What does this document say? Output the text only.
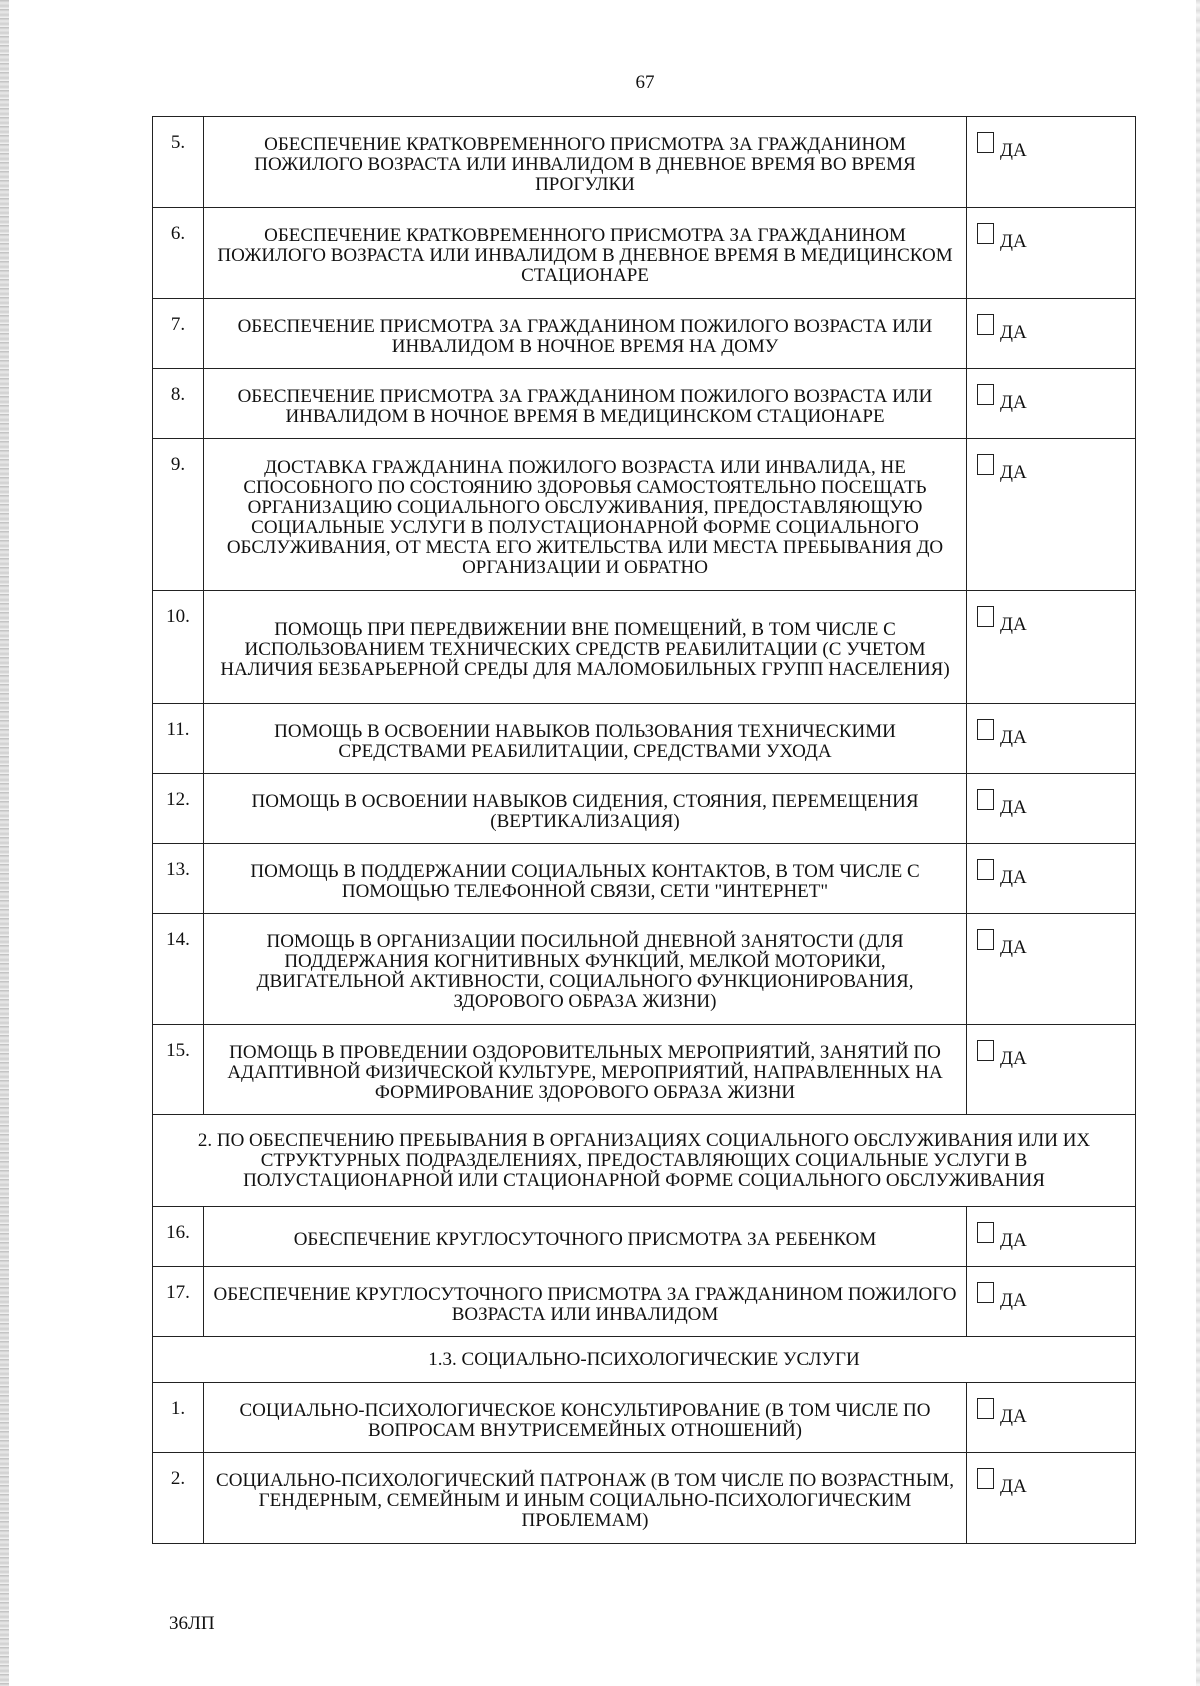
67
5.	ОБЕСПЕЧЕНИЕ КРАТКОВРЕМЕННОГО ПРИСМОТРА ЗА ГРАЖДАНИНОМ ПОЖИЛОГО ВОЗРАСТА ИЛИ ИНВАЛИДОМ В ДНЕВНОЕ ВРЕМЯ ВО ВРЕМЯ ПРОГУЛКИ	ДА
6.	ОБЕСПЕЧЕНИЕ КРАТКОВРЕМЕННОГО ПРИСМОТРА ЗА ГРАЖДАНИНОМ ПОЖИЛОГО ВОЗРАСТА ИЛИ ИНВАЛИДОМ В ДНЕВНОЕ ВРЕМЯ В МЕДИЦИНСКОМ СТАЦИОНАРЕ	ДА
7.	ОБЕСПЕЧЕНИЕ ПРИСМОТРА ЗА ГРАЖДАНИНОМ ПОЖИЛОГО ВОЗРАСТА ИЛИ ИНВАЛИДОМ В НОЧНОЕ ВРЕМЯ НА ДОМУ	ДА
8.	ОБЕСПЕЧЕНИЕ ПРИСМОТРА ЗА ГРАЖДАНИНОМ ПОЖИЛОГО ВОЗРАСТА ИЛИ ИНВАЛИДОМ В НОЧНОЕ ВРЕМЯ В МЕДИЦИНСКОМ СТАЦИОНАРЕ	ДА
9.	ДОСТАВКА ГРАЖДАНИНА ПОЖИЛОГО ВОЗРАСТА ИЛИ ИНВАЛИДА, НЕ СПОСОБНОГО ПО СОСТОЯНИЮ ЗДОРОВЬЯ САМОСТОЯТЕЛЬНО ПОСЕЩАТЬ ОРГАНИЗАЦИЮ СОЦИАЛЬНОГО ОБСЛУЖИВАНИЯ, ПРЕДОСТАВЛЯЮЩУЮ СОЦИАЛЬНЫЕ УСЛУГИ В ПОЛУСТАЦИОНАРНОЙ ФОРМЕ СОЦИАЛЬНОГО ОБСЛУЖИВАНИЯ, ОТ МЕСТА ЕГО ЖИТЕЛЬСТВА ИЛИ МЕСТА ПРЕБЫВАНИЯ ДО ОРГАНИЗАЦИИ И ОБРАТНО	ДА
10.	ПОМОЩЬ ПРИ ПЕРЕДВИЖЕНИИ ВНЕ ПОМЕЩЕНИЙ, В ТОМ ЧИСЛЕ С ИСПОЛЬЗОВАНИЕМ ТЕХНИЧЕСКИХ СРЕДСТВ РЕАБИЛИТАЦИИ (С УЧЕТОМ НАЛИЧИЯ БЕЗБАРЬЕРНОЙ СРЕДЫ ДЛЯ МАЛОМОБИЛЬНЫХ ГРУПП НАСЕЛЕНИЯ)	ДА
11.	ПОМОЩЬ В ОСВОЕНИИ НАВЫКОВ ПОЛЬЗОВАНИЯ ТЕХНИЧЕСКИМИ СРЕДСТВАМИ РЕАБИЛИТАЦИИ, СРЕДСТВАМИ УХОДА	ДА
12.	ПОМОЩЬ В ОСВОЕНИИ НАВЫКОВ СИДЕНИЯ, СТОЯНИЯ, ПЕРЕМЕЩЕНИЯ (ВЕРТИКАЛИЗАЦИЯ)	ДА
13.	ПОМОЩЬ В ПОДДЕРЖАНИИ СОЦИАЛЬНЫХ КОНТАКТОВ, В ТОМ ЧИСЛЕ С ПОМОЩЬЮ ТЕЛЕФОННОЙ СВЯЗИ, СЕТИ "ИНТЕРНЕТ"	ДА
14.	ПОМОЩЬ В ОРГАНИЗАЦИИ ПОСИЛЬНОЙ ДНЕВНОЙ ЗАНЯТОСТИ (ДЛЯ ПОДДЕРЖАНИЯ КОГНИТИВНЫХ ФУНКЦИЙ, МЕЛКОЙ МОТОРИКИ, ДВИГАТЕЛЬНОЙ АКТИВНОСТИ, СОЦИАЛЬНОГО ФУНКЦИОНИРОВАНИЯ, ЗДОРОВОГО ОБРАЗА ЖИЗНИ)	ДА
15.	ПОМОЩЬ В ПРОВЕДЕНИИ ОЗДОРОВИТЕЛЬНЫХ МЕРОПРИЯТИЙ, ЗАНЯТИЙ ПО АДАПТИВНОЙ ФИЗИЧЕСКОЙ КУЛЬТУРЕ, МЕРОПРИЯТИЙ, НАПРАВЛЕННЫХ НА ФОРМИРОВАНИЕ ЗДОРОВОГО ОБРАЗА ЖИЗНИ	ДА
2. ПО ОБЕСПЕЧЕНИЮ ПРЕБЫВАНИЯ В ОРГАНИЗАЦИЯХ СОЦИАЛЬНОГО ОБСЛУЖИВАНИЯ ИЛИ ИХ СТРУКТУРНЫХ ПОДРАЗДЕЛЕНИЯХ, ПРЕДОСТАВЛЯЮЩИХ СОЦИАЛЬНЫЕ УСЛУГИ В ПОЛУСТАЦИОНАРНОЙ ИЛИ СТАЦИОНАРНОЙ ФОРМЕ СОЦИАЛЬНОГО ОБСЛУЖИВАНИЯ		
16.	ОБЕСПЕЧЕНИЕ КРУГЛОСУТОЧНОГО ПРИСМОТРА ЗА РЕБЕНКОМ	ДА
17.	ОБЕСПЕЧЕНИЕ КРУГЛОСУТОЧНОГО ПРИСМОТРА ЗА ГРАЖДАНИНОМ ПОЖИЛОГО ВОЗРАСТА ИЛИ ИНВАЛИДОМ	ДА
1.3. СОЦИАЛЬНО-ПСИХОЛОГИЧЕСКИЕ УСЛУГИ		
1.	СОЦИАЛЬНО-ПСИХОЛОГИЧЕСКОЕ КОНСУЛЬТИРОВАНИЕ (В ТОМ ЧИСЛЕ ПО ВОПРОСАМ ВНУТРИСЕМЕЙНЫХ ОТНОШЕНИЙ)	ДА
2.	СОЦИАЛЬНО-ПСИХОЛОГИЧЕСКИЙ ПАТРОНАЖ (В ТОМ ЧИСЛЕ ПО ВОЗРАСТНЫМ, ГЕНДЕРНЫМ, СЕМЕЙНЫМ И ИНЫМ СОЦИАЛЬНО-ПСИХОЛОГИЧЕСКИМ ПРОБЛЕМАМ)	ДА
36ЛП
